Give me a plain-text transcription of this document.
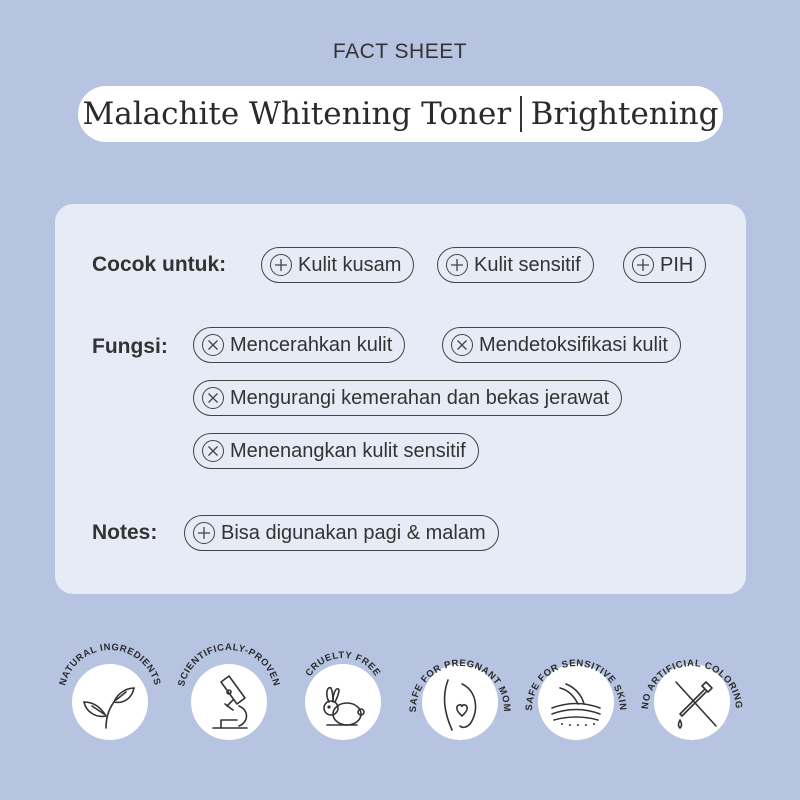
FACT SHEET
Malachite Whitening Toner Brightening
Cocok untuk:	Kulit kusam	Kulit sensitif	PIH
Fungsi:	Mencerahkan kulit	Mendetoksifikasi kulit
Mengurangi kemerahan dan bekas jerawat
Menenangkan kulit sensitif
Notes:	Bisa digunakan pagi & malam
NATURAL INGREDIENTS SCIENTIFICALY-PROVEN
CRUELTY FREE
SAFE FOR PREGNANT MOM SAFE FOR SENSITIVE SKIN NO ARTIFICIAL COLORING
